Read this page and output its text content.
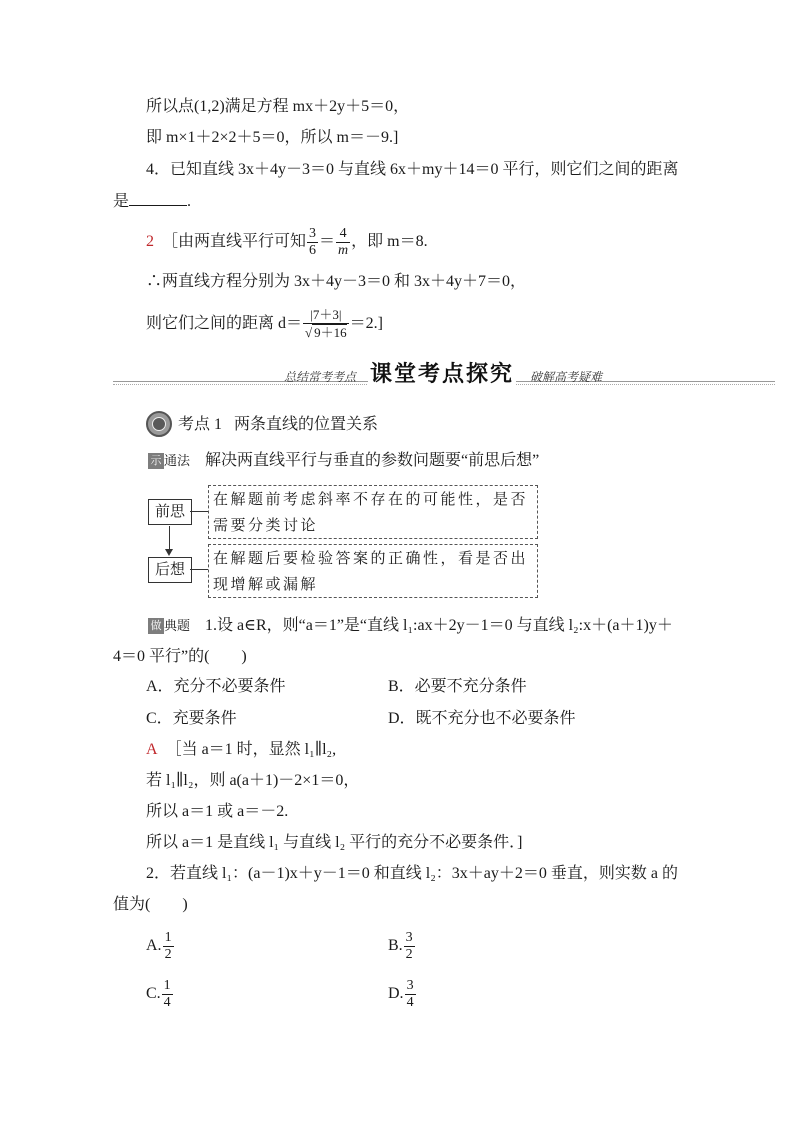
所以点(1,2)满足方程 mx＋2y＋5＝0，
即 m×1＋2×2＋5＝0，所以 m＝－9.]
4．已知直线 3x＋4y－3＝0 与直线 6x＋my＋14＝0 平行，则它们之间的距离
是	.
2 ［由两直线平行可知 $\frac{3}{6} = \frac{4}{m}$ ，即 m＝8.
∴两直线方程分别为 3x＋4y－3＝0 和 3x＋4y＋7＝0，
则它们之间的距离 $d= \frac{|7+3|}{√ 9+16} =2$.]
总结常考考点 课堂考点探究 破解高考疑难
考点 1 两条直线的位置关系
示 通法 解决两直线平行与垂直的参数问题要“前思后想”
前思
在解题前考虑斜率不存在的可能性，是否需要分类讨论
后想
在解题后要检验答案的正确性，看是否出现增解或漏解
做 典题 1.设 a∈R，则“a＝1”是“直线 l₁:ax＋2y－1＝0 与直线 l₂:x＋(a＋1)y＋
4＝0 平行”的(　　)
A．充分不必要条件	B．必要不充分条件
C．充要条件	D．既不充分也不必要条件
A ［当 a＝1 时，显然 l₁∥l₂,
若 l₁∥l₂，则 a(a＋1)－2×1＝0，
所以 a＝1 或 a＝－2.
所以 a＝1 是直线 l₁ 与直线 l₂ 平行的充分不必要条件．]
2．若直线 l₁：(a－1)x＋y－1＝0 和直线 l₂：3x＋ay＋2＝0 垂直，则实数 a 的
值为(　　)
A. $\frac{1}{2}$	B. $\frac{3}{2}$
C. $\frac{1}{4}$	D. $\frac{3}{4}$
